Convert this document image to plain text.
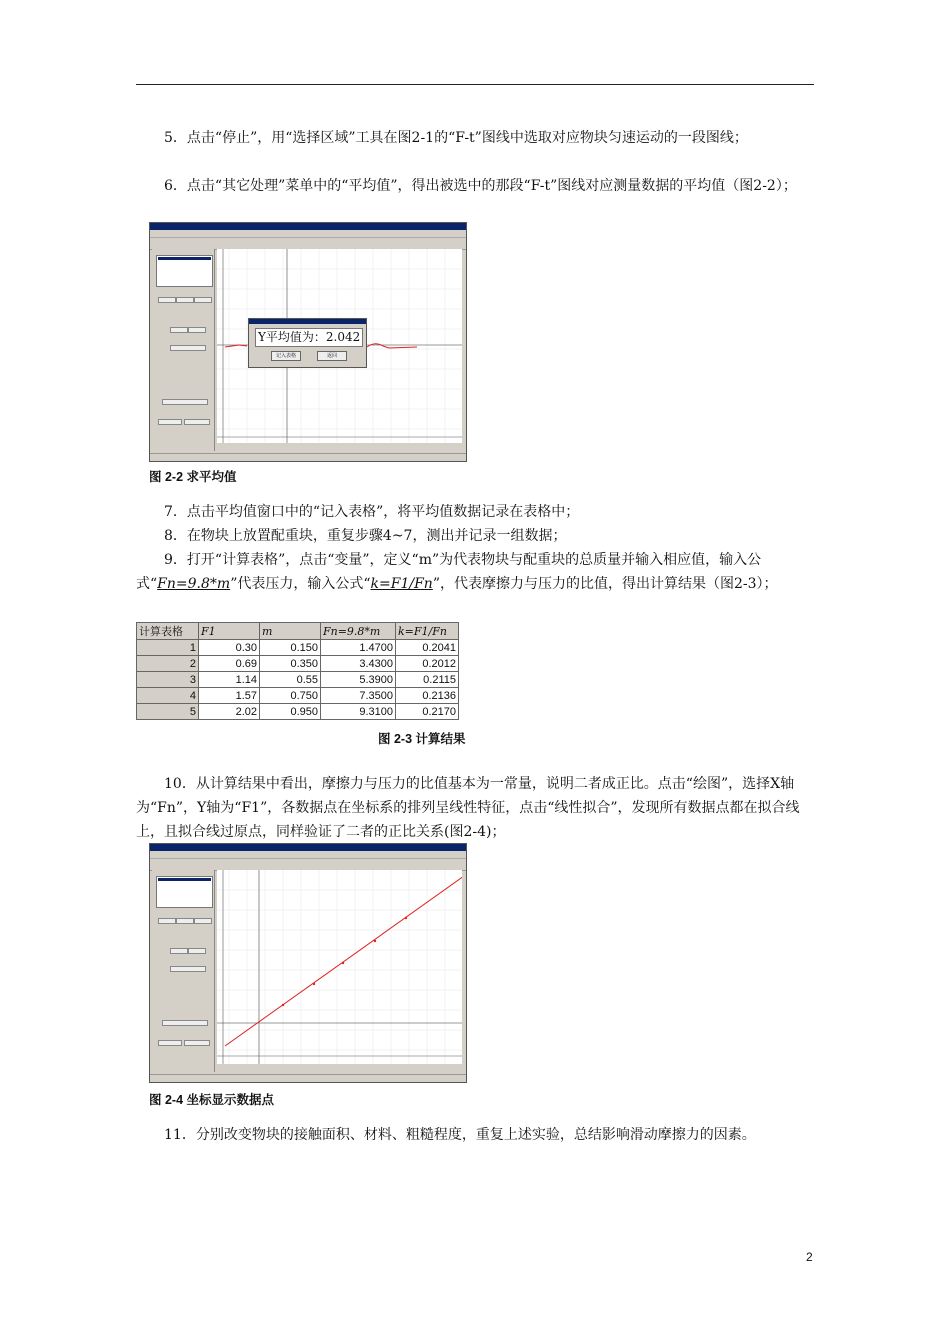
5．点击“停止”，用“选择区域”工具在图2-1的“F-t”图线中选取对应物块匀速运动的一段图线；
6．点击“其它处理”菜单中的“平均值”，得出被选中的那段“F-t”图线对应测量数据的平均值（图2-2）；
Y平均值为：2.042
记入表格	返回
图 2-2 求平均值
7．点击平均值窗口中的“记入表格”，将平均值数据记录在表格中；
8．在物块上放置配重块，重复步骤4~7，测出并记录一组数据；
9．打开“计算表格”，点击“变量”，定义“m”为代表物块与配重块的总质量并输入相应值，输入公式“Fn=9.8*m”代表压力，输入公式“k=F1/Fn”，代表摩擦力与压力的比值，得出计算结果（图2-3）；
计算表格	F1	m	Fn=9.8*m	k=F1/Fn
1	0.30	0.150	1.4700	0.2041
2	0.69	0.350	3.4300	0.2012
3	1.14	0.55	5.3900	0.2115
4	1.57	0.750	7.3500	0.2136
5	2.02	0.950	9.3100	0.2170
图 2-3 计算结果
10．从计算结果中看出，摩擦力与压力的比值基本为一常量，说明二者成正比。点击“绘图”，选择X轴为“Fn”，Y轴为“F1”，各数据点在坐标系的排列呈线性特征，点击“线性拟合”，发现所有数据点都在拟合线上，且拟合线过原点，同样验证了二者的正比关系(图2-4)；
图 2-4 坐标显示数据点
11．分别改变物块的接触面积、材料、粗糙程度，重复上述实验，总结影响滑动摩擦力的因素。
2
